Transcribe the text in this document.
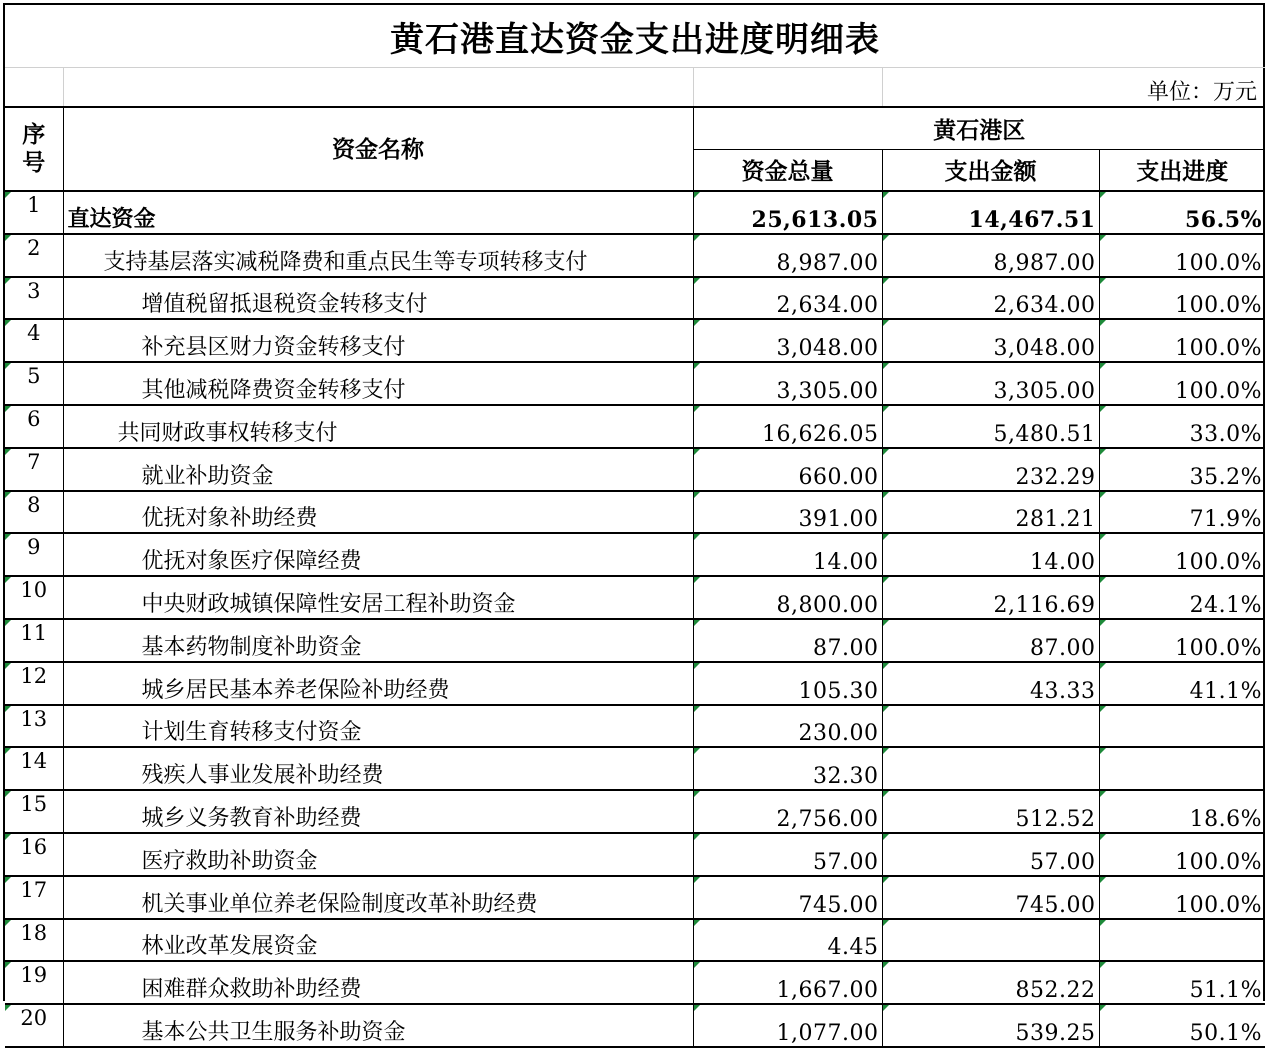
黄石港直达资金支出进度明细表				
			单位：万元	
序
号	资金名称	黄石港区		
		资金总量	支出金额	支出进度
1	直达资金	25,613.05	14,467.51	56.5%
2	支持基层落实减税降费和重点民生等专项转移支付	8,987.00	8,987.00	100.0%
3	增值税留抵退税资金转移支付	2,634.00	2,634.00	100.0%
4	补充县区财力资金转移支付	3,048.00	3,048.00	100.0%
5	其他减税降费资金转移支付	3,305.00	3,305.00	100.0%
6	共同财政事权转移支付	16,626.05	5,480.51	33.0%
7	就业补助资金	660.00	232.29	35.2%
8	优抚对象补助经费	391.00	281.21	71.9%
9	优抚对象医疗保障经费	14.00	14.00	100.0%
10	中央财政城镇保障性安居工程补助资金	8,800.00	2,116.69	24.1%
11	基本药物制度补助资金	87.00	87.00	100.0%
12	城乡居民基本养老保险补助经费	105.30	43.33	41.1%
13	计划生育转移支付资金	230.00		
14	残疾人事业发展补助经费	32.30		
15	城乡义务教育补助经费	2,756.00	512.52	18.6%
16	医疗救助补助资金	57.00	57.00	100.0%
17	机关事业单位养老保险制度改革补助经费	745.00	745.00	100.0%
18	林业改革发展资金	4.45		
19	困难群众救助补助经费	1,667.00	852.22	51.1%
20	基本公共卫生服务补助资金	1,077.00	539.25	50.1%
